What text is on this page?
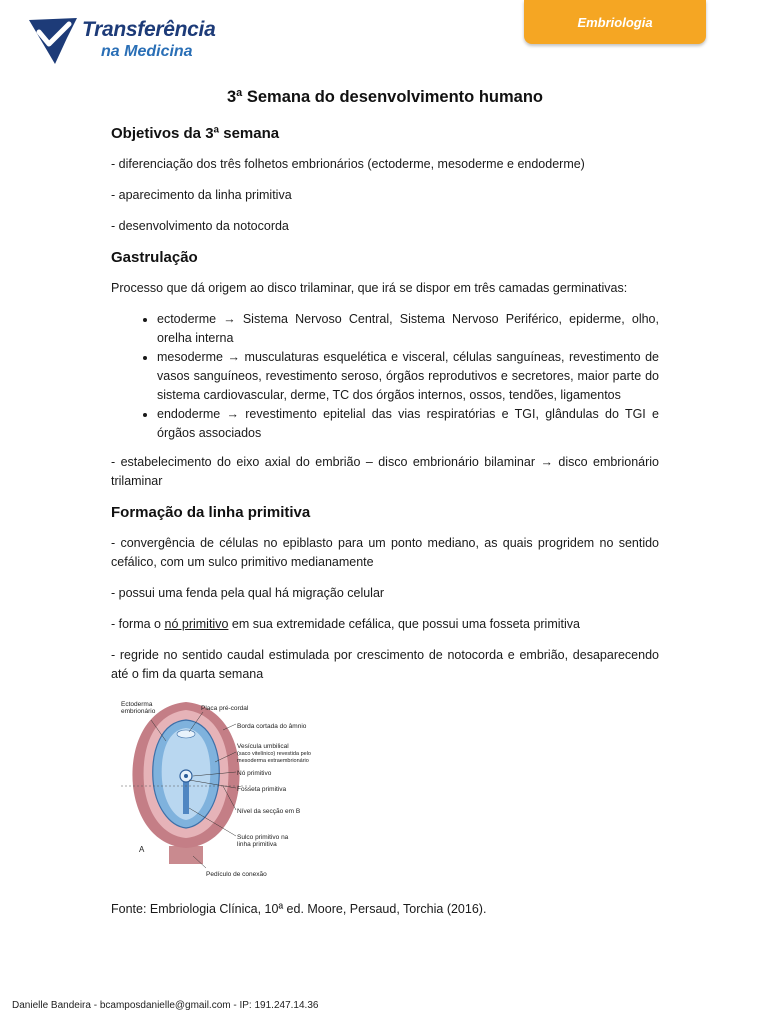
Transferência
na Medicina
Embriologia
3ª Semana do desenvolvimento humano
Objetivos da 3ª semana

- diferenciação dos três folhetos embrionários (ectoderme, mesoderme e endoderme)

- aparecimento da linha primitiva

- desenvolvimento da notocorda

Gastrulação

Processo que dá origem ao disco trilaminar, que irá se dispor em três camadas germinativas:

• ectoderme → Sistema Nervoso Central, Sistema Nervoso Periférico, epiderme, olho, orelha interna
• mesoderme → musculaturas esquelética e visceral, células sanguíneas, revestimento de vasos sanguíneos, revestimento seroso, órgãos reprodutivos e secretores, maior parte do sistema cardiovascular, derme, TC dos órgãos internos, ossos, tendões, ligamentos
• endoderme → revestimento epitelial das vias respiratórias e TGI, glândulas do TGI e órgãos associados

- estabelecimento do eixo axial do embrião – disco embrionário bilaminar → disco embrionário trilaminar

Formação da linha primitiva

- convergência de células no epiblasto para um ponto mediano, as quais progridem no sentido cefálico, com um sulco primitivo medianamente

- possui uma fenda pela qual há migração celular

- forma o nó primitivo em sua extremidade cefálica, que possui uma fosseta primitiva

- regride no sentido caudal estimulada por crescimento de notocorda e embrião, desaparecendo até o fim da quarta semana

Ectoderma
embrionário	Placa pré-cordal
Borda cortada do âmnio
Vesícula umbilical
(saco vitelínico) revestida pelo
mesoderma extraembrionário
Nó primitivo
Fosseta primitiva
Nível da secção em B
Sulco primitivo na
linha primitiva
Pedículo de conexão
A

Fonte: Embriologia Clínica, 10ª ed. Moore, Persaud, Torchia (2016).

Danielle Bandeira - bcamposdanielle@gmail.com - IP: 191.247.14.36
